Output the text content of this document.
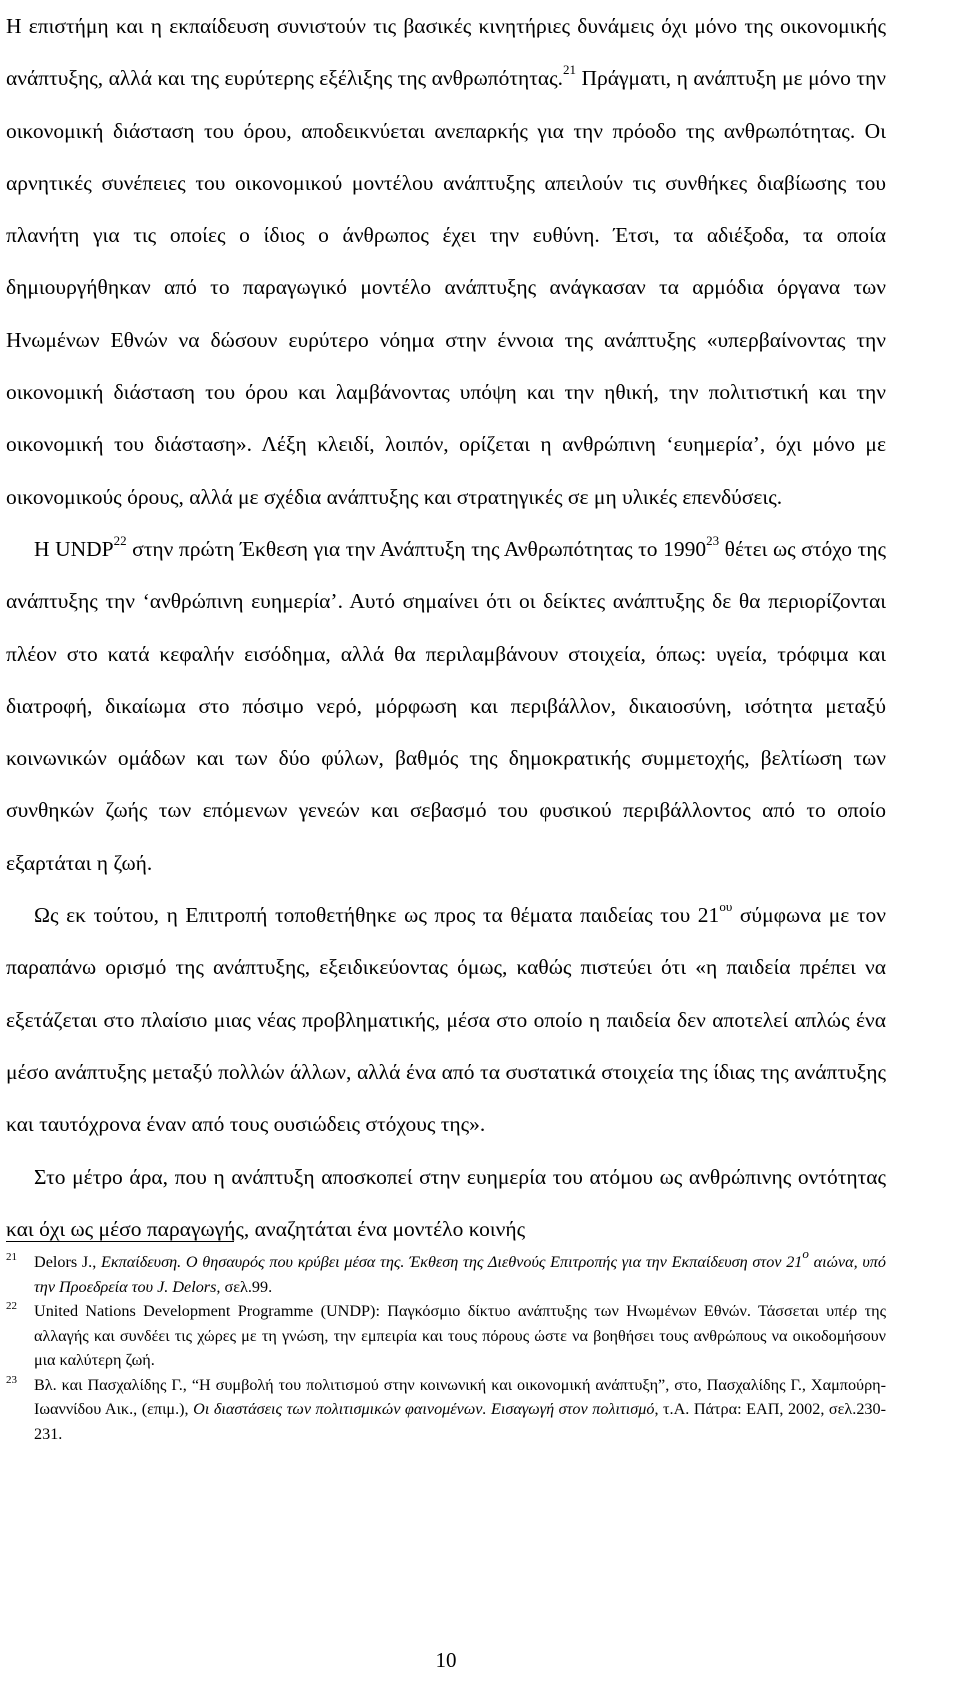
Η επιστήμη και η εκπαίδευση συνιστούν τις βασικές κινητήριες δυνάμεις όχι μόνο της οικονομικής ανάπτυξης, αλλά και της ευρύτερης εξέλιξης της ανθρωπότητας.$^{21}$ Πράγματι, η ανάπτυξη με μόνο την οικονομική διάσταση του όρου, αποδεικνύεται ανεπαρκής για την πρόοδο της ανθρωπότητας. Οι αρνητικές συνέπειες του οικονομικού μοντέλου ανάπτυξης απειλούν τις συνθήκες διαβίωσης του πλανήτη για τις οποίες ο ίδιος ο άνθρωπος έχει την ευθύνη. Έτσι, τα αδιέξοδα, τα οποία δημιουργήθηκαν από το παραγωγικό μοντέλο ανάπτυξης ανάγκασαν τα αρμόδια όργανα των Ηνωμένων Εθνών να δώσουν ευρύτερο νόημα στην έννοια της ανάπτυξης «υπερβαίνοντας την οικονομική διάσταση του όρου και λαμβάνοντας υπόψη και την ηθική, την πολιτιστική και την οικονομική του διάσταση». Λέξη κλειδί, λοιπόν, ορίζεται η ανθρώπινη ‘ευημερία’, όχι μόνο με οικονομικούς όρους, αλλά με σχέδια ανάπτυξης και στρατηγικές σε μη υλικές επενδύσεις.

Η UNDP$^{22}$ στην πρώτη Έκθεση για την Ανάπτυξη της Ανθρωπότητας το 1990$^{23}$ θέτει ως στόχο της ανάπτυξης την ‘ανθρώπινη ευημερία’. Αυτό σημαίνει ότι οι δείκτες ανάπτυξης δε θα περιορίζονται πλέον στο κατά κεφαλήν εισόδημα, αλλά θα περιλαμβάνουν στοιχεία, όπως: υγεία, τρόφιμα και διατροφή, δικαίωμα στο πόσιμο νερό, μόρφωση και περιβάλλον, δικαιοσύνη, ισότητα μεταξύ κοινωνικών ομάδων και των δύο φύλων, βαθμός της δημοκρατικής συμμετοχής, βελτίωση των συνθηκών ζωής των επόμενων γενεών και σεβασμό του φυσικού περιβάλλοντος από το οποίο εξαρτάται η ζωή.

Ως εκ τούτου, η Επιτροπή τοποθετήθηκε ως προς τα θέματα παιδείας του $21^{o\upsilon}$ σύμφωνα με τον παραπάνω ορισμό της ανάπτυξης, εξειδικεύοντας όμως, καθώς πιστεύει ότι «η παιδεία πρέπει να εξετάζεται στο πλαίσιο μιας νέας προβληματικής, μέσα στο οποίο η παιδεία δεν αποτελεί απλώς ένα μέσο ανάπτυξης μεταξύ πολλών άλλων, αλλά ένα από τα συστατικά στοιχεία της ίδιας της ανάπτυξης και ταυτόχρονα έναν από τους ουσιώδεις στόχους της».

Στο μέτρο άρα, που η ανάπτυξη αποσκοπεί στην ευημερία του ατόμου ως ανθρώπινης οντότητας και όχι ως μέσο παραγωγής, αναζητάται ένα μοντέλο κοινής

21 Delors J., Εκπαίδευση. Ο θησαυρός που κρύβει μέσα της. Έκθεση της Διεθνούς Επιτροπής για την Εκπαίδευση στον $21^o$ αιώνα, υπό την Προεδρεία του J. Delors, σελ.99.

22 United Nations Development Programme (UNDP): Παγκόσμιο δίκτυο ανάπτυξης των Ηνωμένων Εθνών. Τάσσεται υπέρ της αλλαγής και συνδέει τις χώρες με τη γνώση, την εμπειρία και τους πόρους ώστε να βοηθήσει τους ανθρώπους να οικοδομήσουν μια καλύτερη ζωή.

23 Βλ. και Πασχαλίδης Γ., “Η συμβολή του πολιτισμού στην κοινωνική και οικονομική ανάπτυξη”, στο, Πασχαλίδης Γ., Χαμπούρη-Ιωαννίδου Αικ., (επιμ.), Οι διαστάσεις των πολιτισμικών φαινομένων. Εισαγωγή στον πολιτισμό, τ.Α. Πάτρα: ΕΑΠ, 2002, σελ.230-231.

10
